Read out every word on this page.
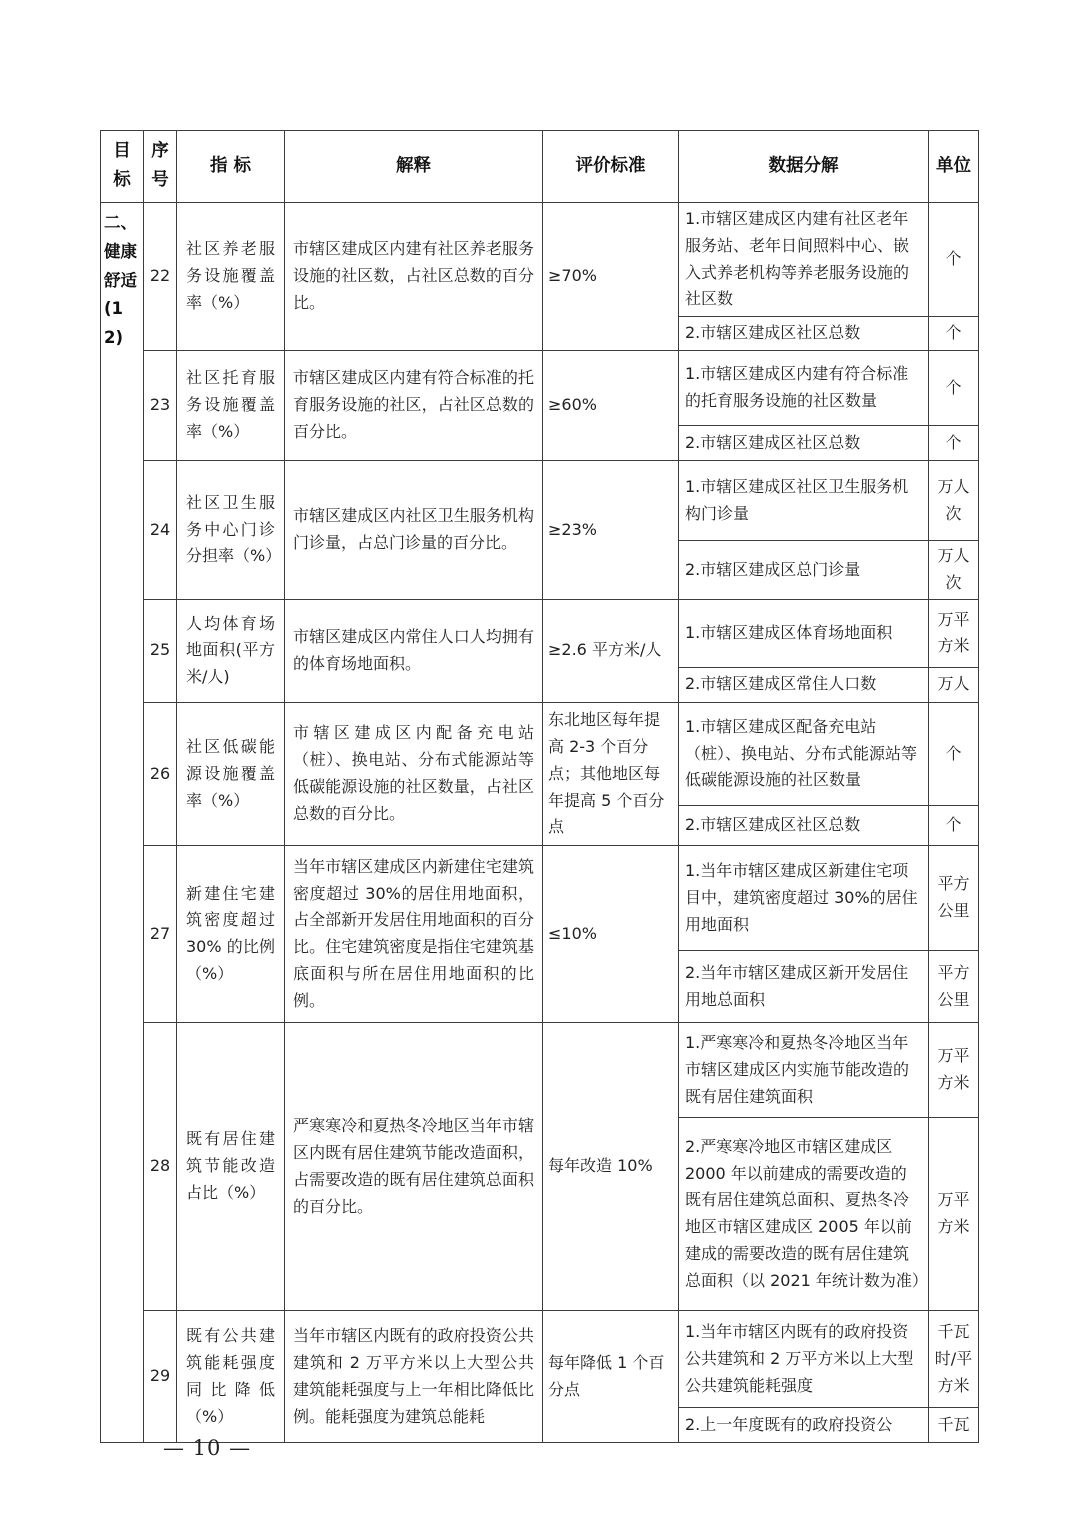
目标	序号	指 标	解释	评价标准	数据分解	单位
二、健康舒适(12)	22	社区养老服务设施覆盖率（%）	市辖区建成区内建有社区养老服务设施的社区数，占社区总数的百分比。	≥70%	1.市辖区建成区内建有社区老年服务站、老年日间照料中心、嵌入式养老机构等养老服务设施的社区数	个
					2.市辖区建成区社区总数	个
	23	社区托育服务设施覆盖率（%）	市辖区建成区内建有符合标准的托育服务设施的社区，占社区总数的百分比。	≥60%	1.市辖区建成区内建有符合标准的托育服务设施的社区数量	个
					2.市辖区建成区社区总数	个
	24	社区卫生服务中心门诊分担率（%）	市辖区建成区内社区卫生服务机构门诊量，占总门诊量的百分比。	≥23%	1.市辖区建成区社区卫生服务机构门诊量	万人次
					2.市辖区建成区总门诊量	万人次
	25	人均体育场地面积(平方米/人)	市辖区建成区内常住人口人均拥有的体育场地面积。	≥2.6 平方米/人	1.市辖区建成区体育场地面积	万平方米
					2.市辖区建成区常住人口数	万人
	26	社区低碳能源设施覆盖率（%）	市辖区建成区内配备充电站（桩）、换电站、分布式能源站等低碳能源设施的社区数量，占社区总数的百分比。	东北地区每年提高 2-3 个百分点；其他地区每年提高 5 个百分点	1.市辖区建成区配备充电站（桩）、换电站、分布式能源站等低碳能源设施的社区数量	个
					2.市辖区建成区社区总数	个
	27	新建住宅建筑密度超过30% 的比例（%）	当年市辖区建成区内新建住宅建筑密度超过 30%的居住用地面积，占全部新开发居住用地面积的百分比。住宅建筑密度是指住宅建筑基底面积与所在居住用地面积的比例。	≤10%	1.当年市辖区建成区新建住宅项目中，建筑密度超过 30%的居住用地面积	平方公里
					2.当年市辖区建成区新开发居住用地总面积	平方公里
	28	既有居住建筑节能改造占比（%）	严寒寒冷和夏热冬冷地区当年市辖区内既有居住建筑节能改造面积，占需要改造的既有居住建筑总面积的百分比。	每年改造 10%	1.严寒寒冷和夏热冬冷地区当年市辖区建成区内实施节能改造的既有居住建筑面积	万平方米
					2.严寒寒冷地区市辖区建成区 2000 年以前建成的需要改造的既有居住建筑总面积、夏热冬冷地区市辖区建成区 2005 年以前建成的需要改造的既有居住建筑总面积（以 2021 年统计数为准）	万平方米
	29	既有公共建筑能耗强度同比降低（%）	当年市辖区内既有的政府投资公共建筑和 2 万平方米以上大型公共建筑能耗强度与上一年相比降低比例。能耗强度为建筑总能耗	每年降低 1 个百分点	1.当年市辖区内既有的政府投资公共建筑和 2 万平方米以上大型公共建筑能耗强度	千瓦时/平方米
					2.上一年度既有的政府投资公	千瓦
— 10 —
